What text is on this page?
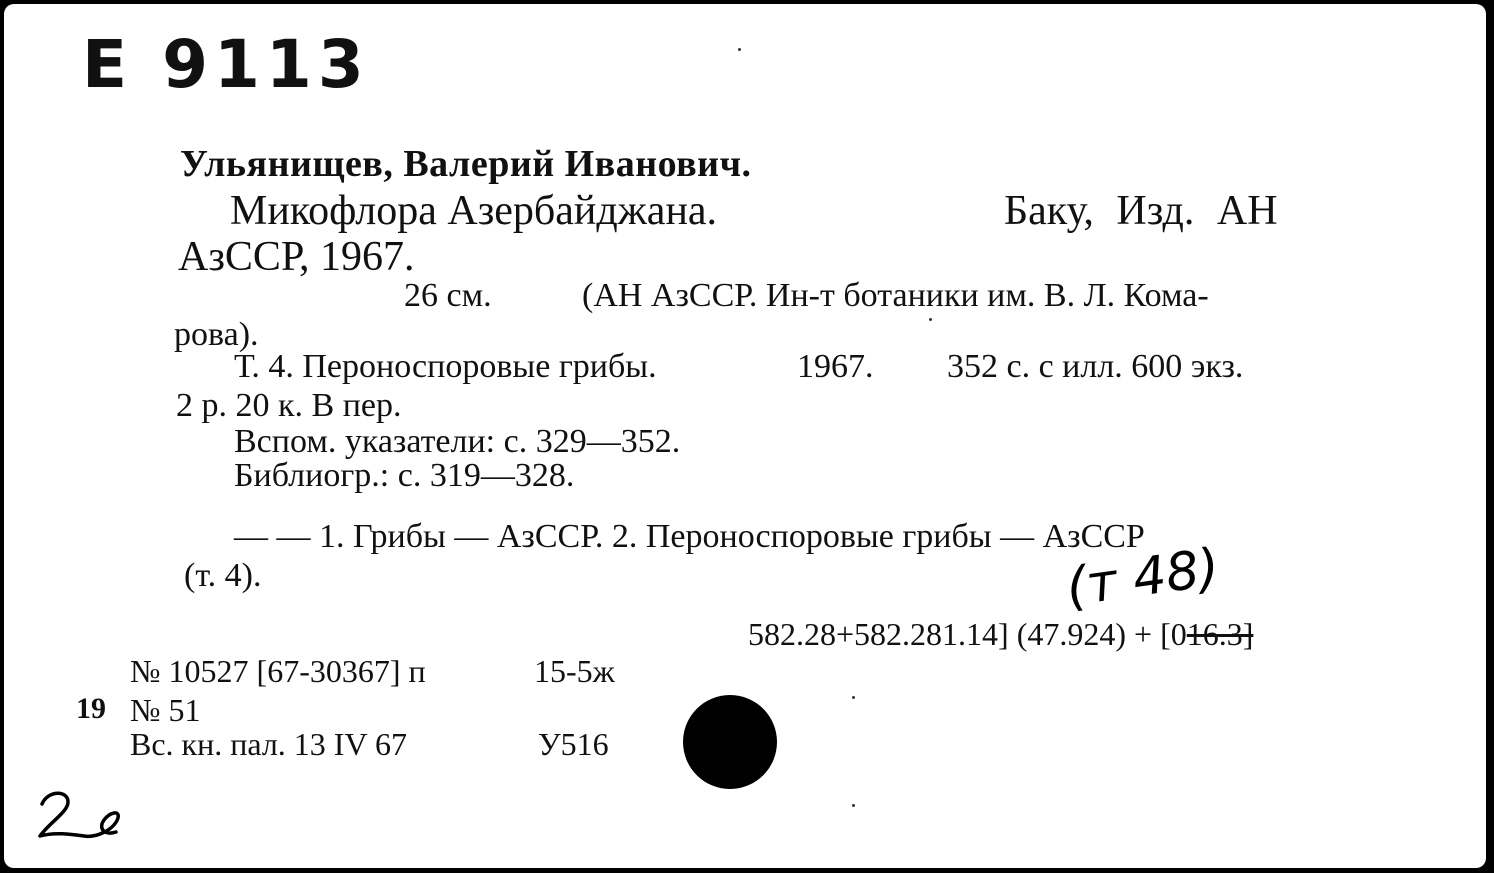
E 9113
Ульянищев, Валерий Иванович.
Микофлора Азербайджана.	Баку, Изд. АН
АзССР, 1967.
26 см.	(АН АзССР. Ин-т ботаники им. В. Л. Кома-
рова).
Т. 4. Пероноспоровые грибы.	1967. 352 с. с илл. 600 экз.
2 р. 20 к. В пер.
Вспом. указатели: с. 329—352.
Библиогр.: с. 319—328.
— — 1. Грибы — АзССР. 2. Пероноспоровые грибы — АзССР
(т. 4).	(т 48)
582.28+582.281.14] (47.924) + [016.3]
№ 10527 [67-30367] п	15-5ж
19 № 51
Вс. кн. пал. 13 IV 67	У516
